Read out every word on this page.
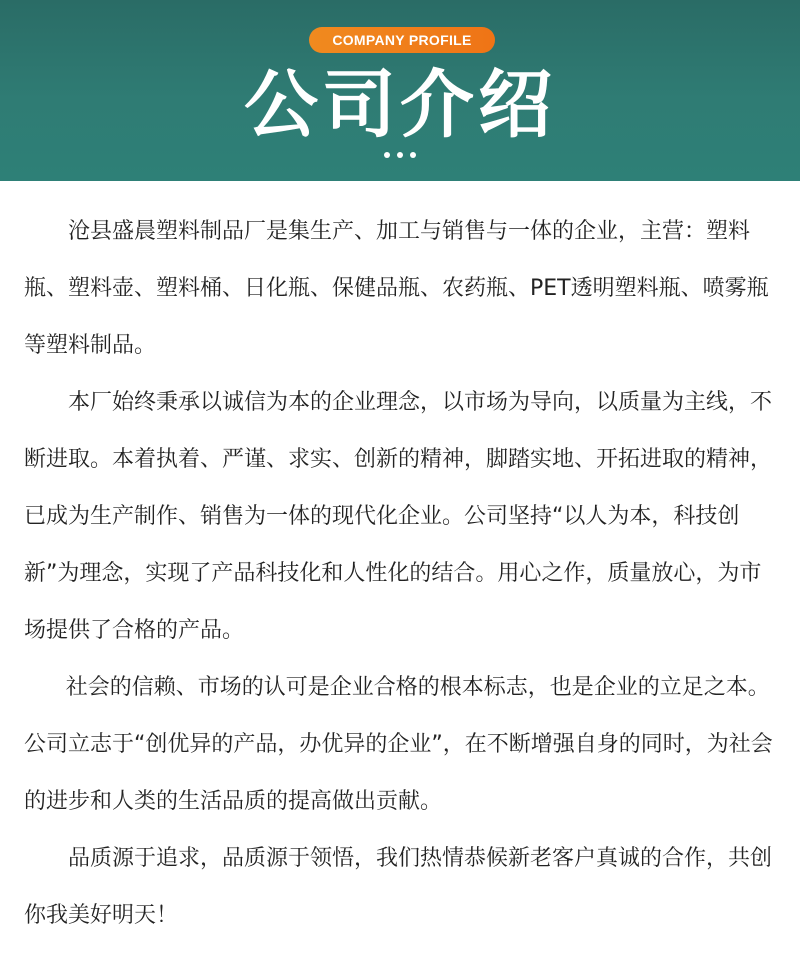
COMPANY PROFILE
公司介绍

沧县盛晨塑料制品厂是集生产、加工与销售与一体的企业，主营：塑料瓶、塑料壶、塑料桶、日化瓶、保健品瓶、农药瓶、PET透明塑料瓶、喷雾瓶等塑料制品。

本厂始终秉承以诚信为本的企业理念，以市场为导向，以质量为主线，不断进取。本着执着、严谨、求实、创新的精神，脚踏实地、开拓进取的精神，已成为生产制作、销售为一体的现代化企业。公司坚持“以人为本，科技创新”为理念，实现了产品科技化和人性化的结合。用心之作，质量放心，为市场提供了合格的产品。

社会的信赖、市场的认可是企业合格的根本标志，也是企业的立足之本。公司立志于“创优异的产品，办优异的企业”，在不断增强自身的同时，为社会的进步和人类的生活品质的提高做出贡献。

品质源于追求，品质源于领悟，我们热情恭候新老客户真诚的合作，共创你我美好明天！
